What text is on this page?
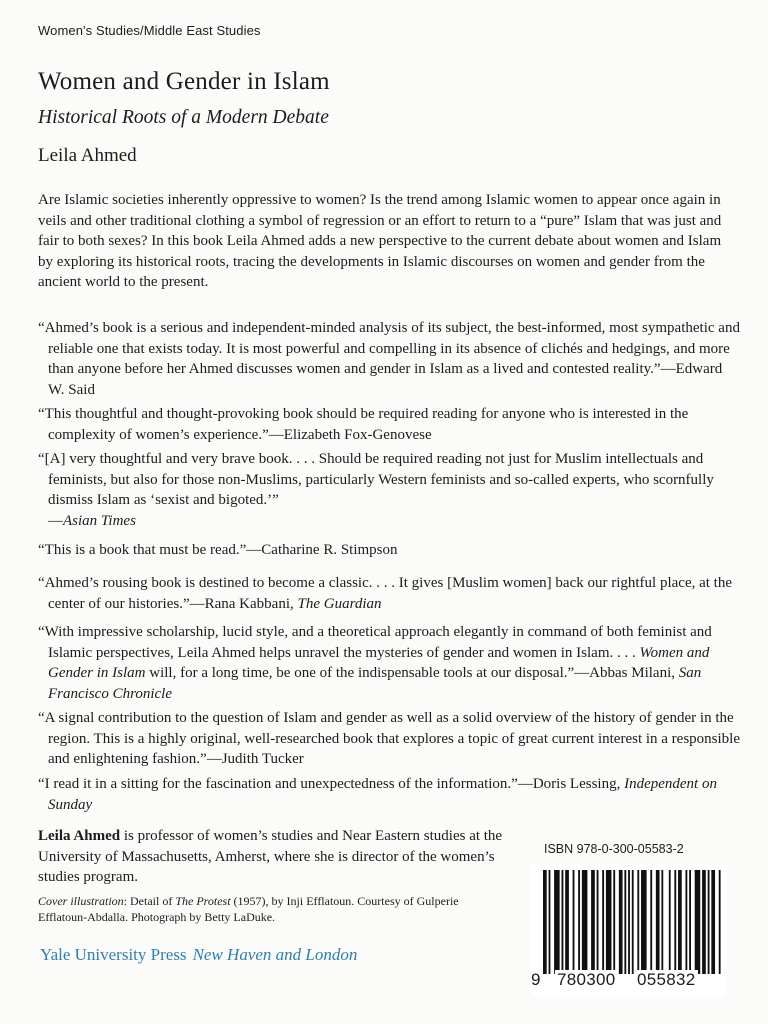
Women's Studies/Middle East Studies
Women and Gender in Islam
Historical Roots of a Modern Debate
Leila Ahmed
Are Islamic societies inherently oppressive to women? Is the trend among Islamic women to appear once again in veils and other traditional clothing a symbol of regression or an effort to return to a “pure” Islam that was just and fair to both sexes? In this book Leila Ahmed adds a new perspective to the current debate about women and Islam by exploring its historical roots, tracing the developments in Islamic discourses on women and gender from the ancient world to the present.
“Ahmed’s book is a serious and independent-minded analysis of its subject, the best-informed, most sympathetic and reliable one that exists today. It is most powerful and compelling in its absence of clichés and hedgings, and more than anyone before her Ahmed discusses women and gender in Islam as a lived and contested reality.”—Edward W. Said
“This thoughtful and thought-provoking book should be required reading for anyone who is interested in the complexity of women’s experience.”—Elizabeth Fox-Genovese
“[A] very thoughtful and very brave book. . . . Should be required reading not just for Muslim intellectuals and feminists, but also for those non-Muslims, particularly Western feminists and so-called experts, who scornfully dismiss Islam as ‘sexist and bigoted.’”
—Asian Times
“This is a book that must be read.”—Catharine R. Stimpson
“Ahmed’s rousing book is destined to become a classic. . . . It gives [Muslim women] back our rightful place, at the center of our histories.”—Rana Kabbani, The Guardian
“With impressive scholarship, lucid style, and a theoretical approach elegantly in command of both feminist and Islamic perspectives, Leila Ahmed helps unravel the mysteries of gender and women in Islam. . . . Women and Gender in Islam will, for a long time, be one of the indispensable tools at our disposal.”—Abbas Milani, San Francisco Chronicle
“A signal contribution to the question of Islam and gender as well as a solid overview of the history of gender in the region. This is a highly original, well-researched book that explores a topic of great current interest in a responsible and enlightening fashion.”—Judith Tucker
“I read it in a sitting for the fascination and unexpectedness of the information.”—Doris Lessing, Independent on Sunday
Leila Ahmed is professor of women’s studies and Near Eastern studies at the University of Massachusetts, Amherst, where she is director of the women’s studies program.
Cover illustration: Detail of The Protest (1957), by Inji Efflatoun. Courtesy of Gulperie Efflatoun-Abdalla. Photograph by Betty LaDuke.
Yale University Press New Haven and London
ISBN 978-0-300-05583-2
9 780300 055832
